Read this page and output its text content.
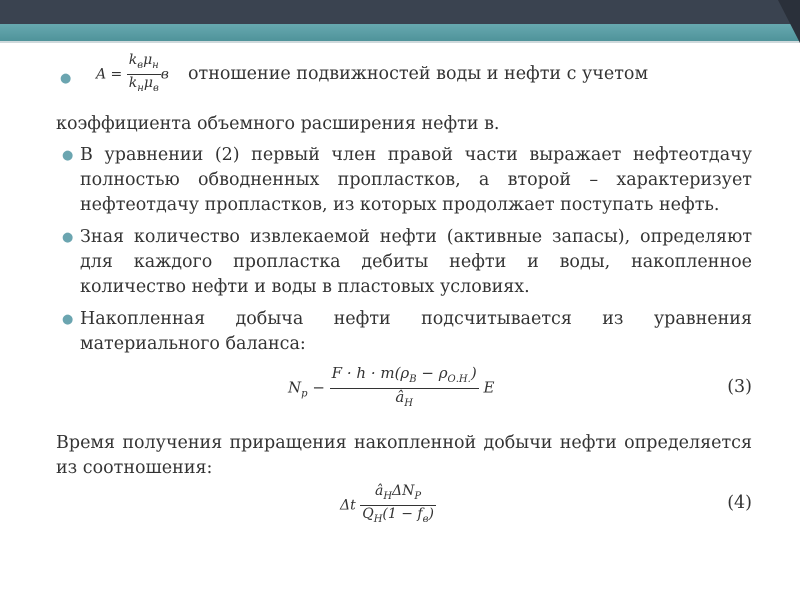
● $A = \frac{k_в\mu_н}{k_н\mu_в}$ в отношение подвижностей воды и нефти с учетом

коэффициента объемного расширения нефти в.

● В уравнении (2) первый член правой части выражает нефтеотдачу полностью обводненных пропластков, а второй – характеризует нефтеотдачу пропластков, из которых продолжает поступать нефть.

● Зная количество извлекаемой нефти (активные запасы), определяют для каждого пропластка дебиты нефти и воды, накопленное количество нефти и воды в пластовых условиях.

● Накопленная добыча нефти подсчитывается из уравнения материального баланса:

$N_р - \frac{F \cdot h \cdot m(\rho_В - \rho_{О.Н.})}{â_Н}$ E	(3)

Время получения приращения накопленной добычи нефти определяется из соотношения:

Δt $\frac{â_Н\Delta N_Р}{Q_Н(1 - f_в)}$	(4)
